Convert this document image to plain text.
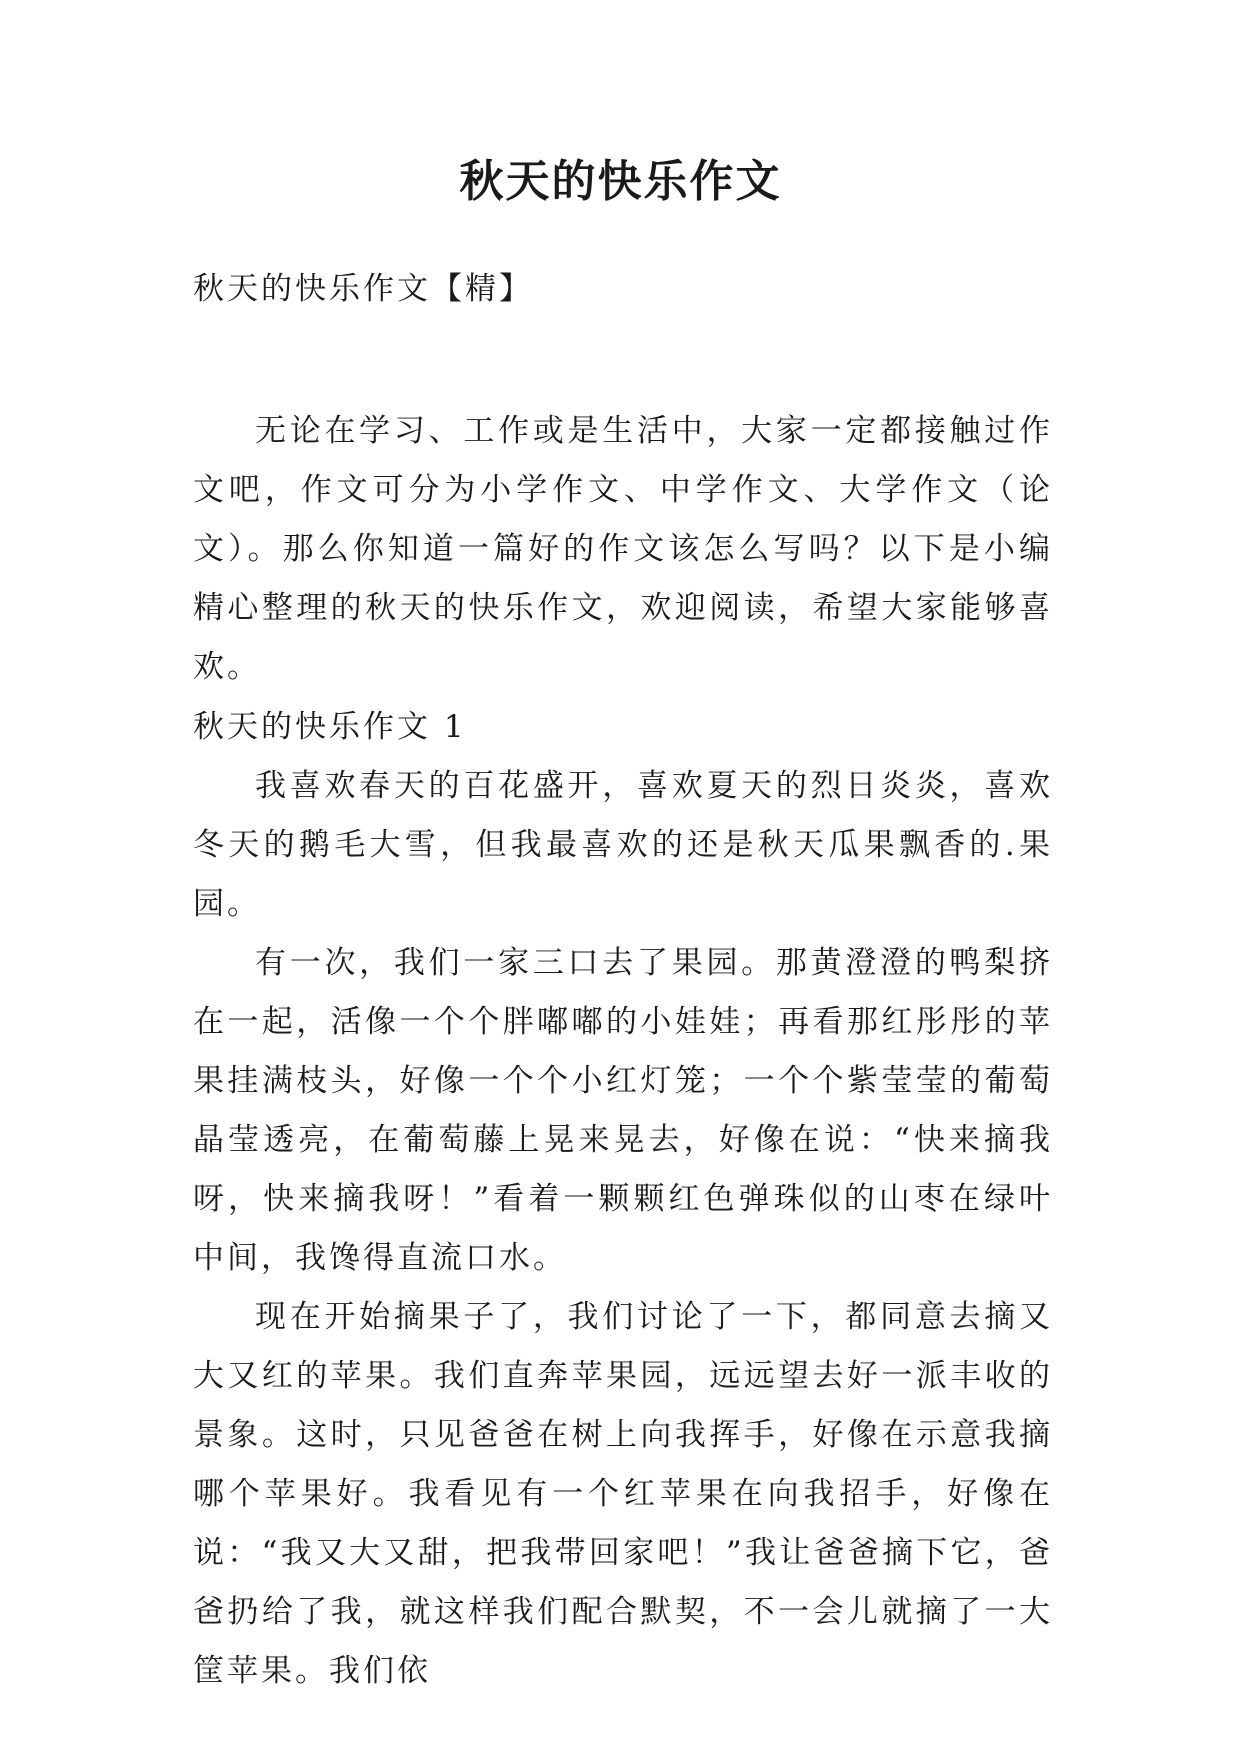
秋天的快乐作文

秋天的快乐作文【精】

无论在学习、工作或是生活中，大家一定都接触过作文吧，作文可分为小学作文、中学作文、大学作文（论文）。那么你知道一篇好的作文该怎么写吗？以下是小编精心整理的秋天的快乐作文，欢迎阅读，希望大家能够喜欢。

秋天的快乐作文 1

我喜欢春天的百花盛开，喜欢夏天的烈日炎炎，喜欢冬天的鹅毛大雪，但我最喜欢的还是秋天瓜果飘香的.果园。

有一次，我们一家三口去了果园。那黄澄澄的鸭梨挤在一起，活像一个个胖嘟嘟的小娃娃；再看那红彤彤的苹果挂满枝头，好像一个个小红灯笼；一个个紫莹莹的葡萄晶莹透亮，在葡萄藤上晃来晃去，好像在说：“快来摘我呀，快来摘我呀！”看着一颗颗红色弹珠似的山枣在绿叶中间，我馋得直流口水。

现在开始摘果子了，我们讨论了一下，都同意去摘又大又红的苹果。我们直奔苹果园，远远望去好一派丰收的景象。这时，只见爸爸在树上向我挥手，好像在示意我摘哪个苹果好。我看见有一个红苹果在向我招手，好像在说：“我又大又甜，把我带回家吧！”我让爸爸摘下它，爸爸扔给了我，就这样我们配合默契，不一会儿就摘了一大筐苹果。我们依
